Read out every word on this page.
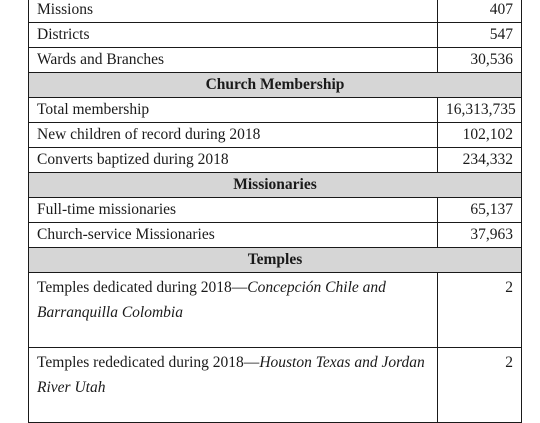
Missions	407
Districts	547
Wards and Branches	30,536
Church Membership	
Total membership	16,313,735
New children of record during 2018	102,102
Converts baptized during 2018	234,332
Missionaries	
Full-time missionaries	65,137
Church-service Missionaries	37,963
Temples	
Temples dedicated during 2018—Concepción Chile and Barranquilla Colombia	2
Temples rededicated during 2018—Houston Texas and Jordan River Utah	2
